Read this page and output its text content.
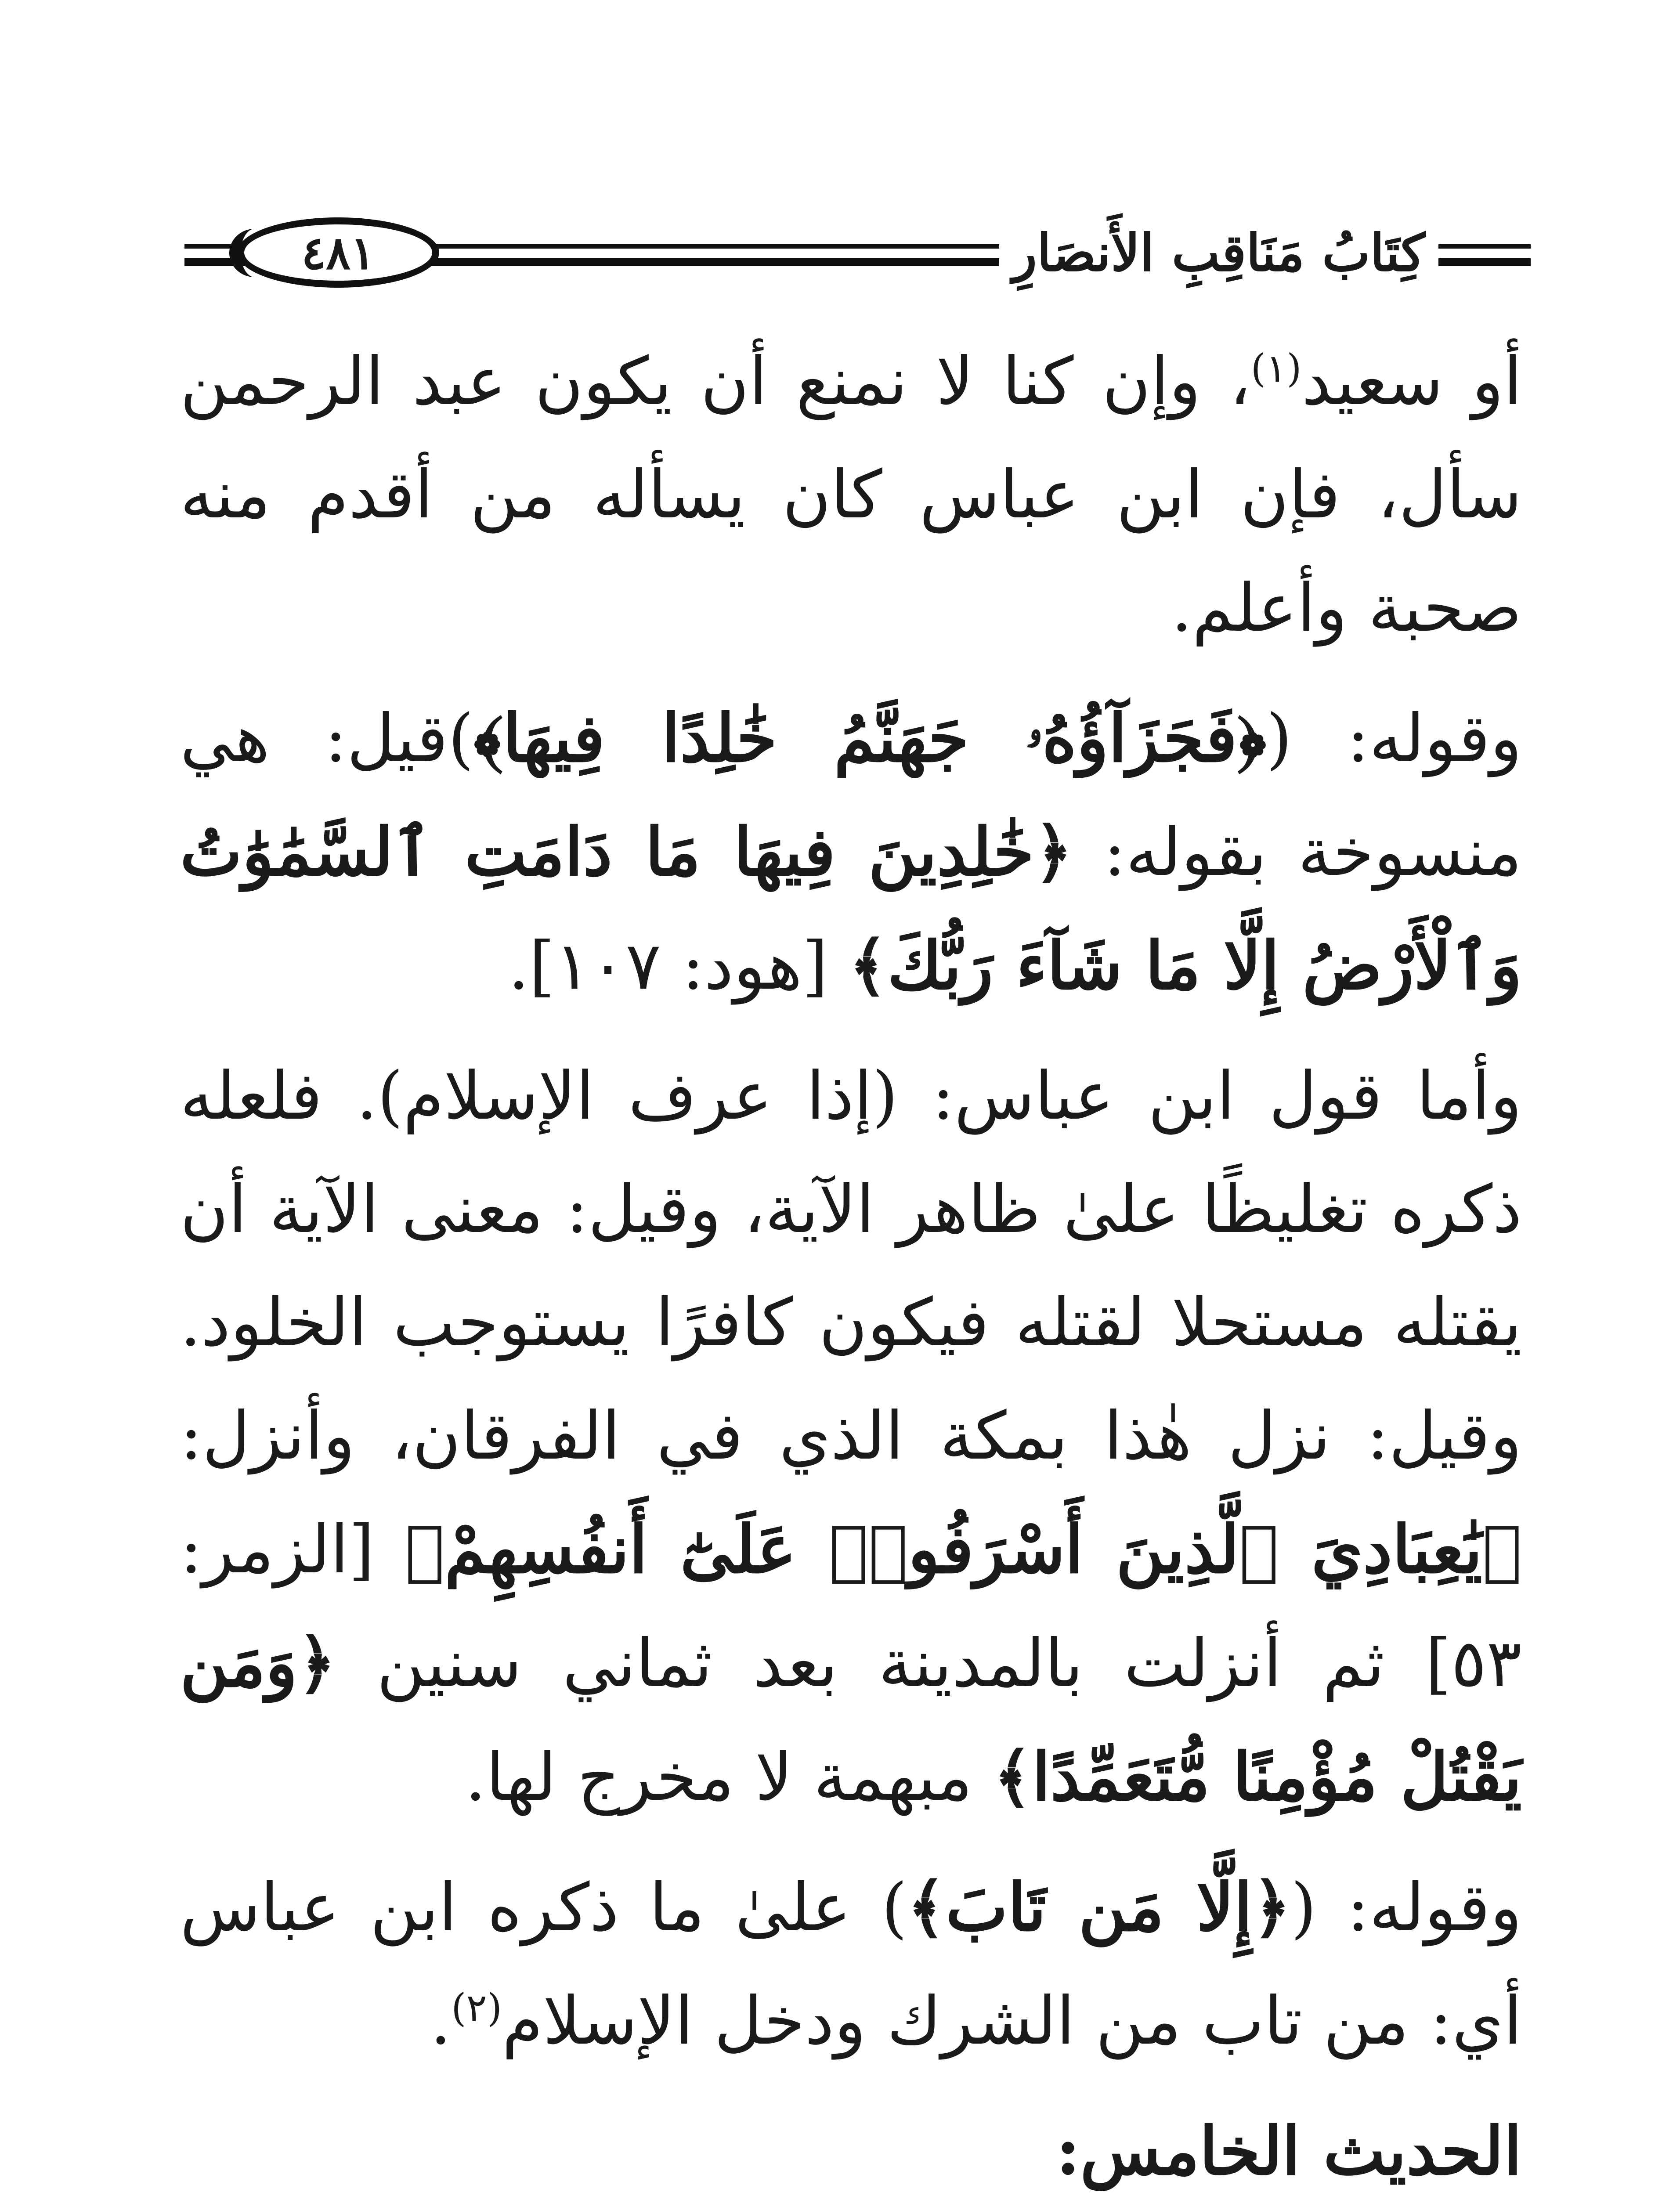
٤٨١	كِتَابُ مَنَاقِبِ الأَنصَارِ

أو سعيد$^{(١)}$، وإن كنا لا نمنع أن يكون عبد الرحمن سأل، فإن ابن عباس كان يسأله من أقدم منه صحبة وأعلم.

وقوله: (﴿فَجَزَآؤُهُۥ جَهَنَّمُ خَٰلِدًا فِيهَا﴾)قيل: هي منسوخة بقوله: ﴿خَٰلِدِينَ فِيهَا مَا دَامَتِ ٱلسَّمَٰوَٰتُ وَٱلْأَرْضُ إِلَّا مَا شَآءَ رَبُّكَ﴾ [هود: ١٠٧].

وأما قول ابن عباس: (إذا عرف الإسلام). فلعله ذكره تغليظًا علىٰ ظاهر الآية، وقيل: معنى الآية أن يقتله مستحلا لقتله فيكون كافرًا يستوجب الخلود. وقيل: نزل هٰذا بمكة الذي في الفرقان، وأنزل: ﴿يَٰعِبَادِيَ ٱلَّذِينَ أَسْرَفُوا۟ عَلَىٰٓ أَنفُسِهِمْ﴾ [الزمر: ٥٣] ثم أنزلت بالمدينة بعد ثماني سنين ﴿وَمَن يَقْتُلْ مُؤْمِنًا مُّتَعَمِّدًا﴾ مبهمة لا مخرج لها.

وقوله: (﴿إِلَّا مَن تَابَ﴾) علىٰ ما ذكره ابن عباس أي: من تاب من الشرك ودخل الإسلام$^{(٢)}$.

الحديث الخامس:
